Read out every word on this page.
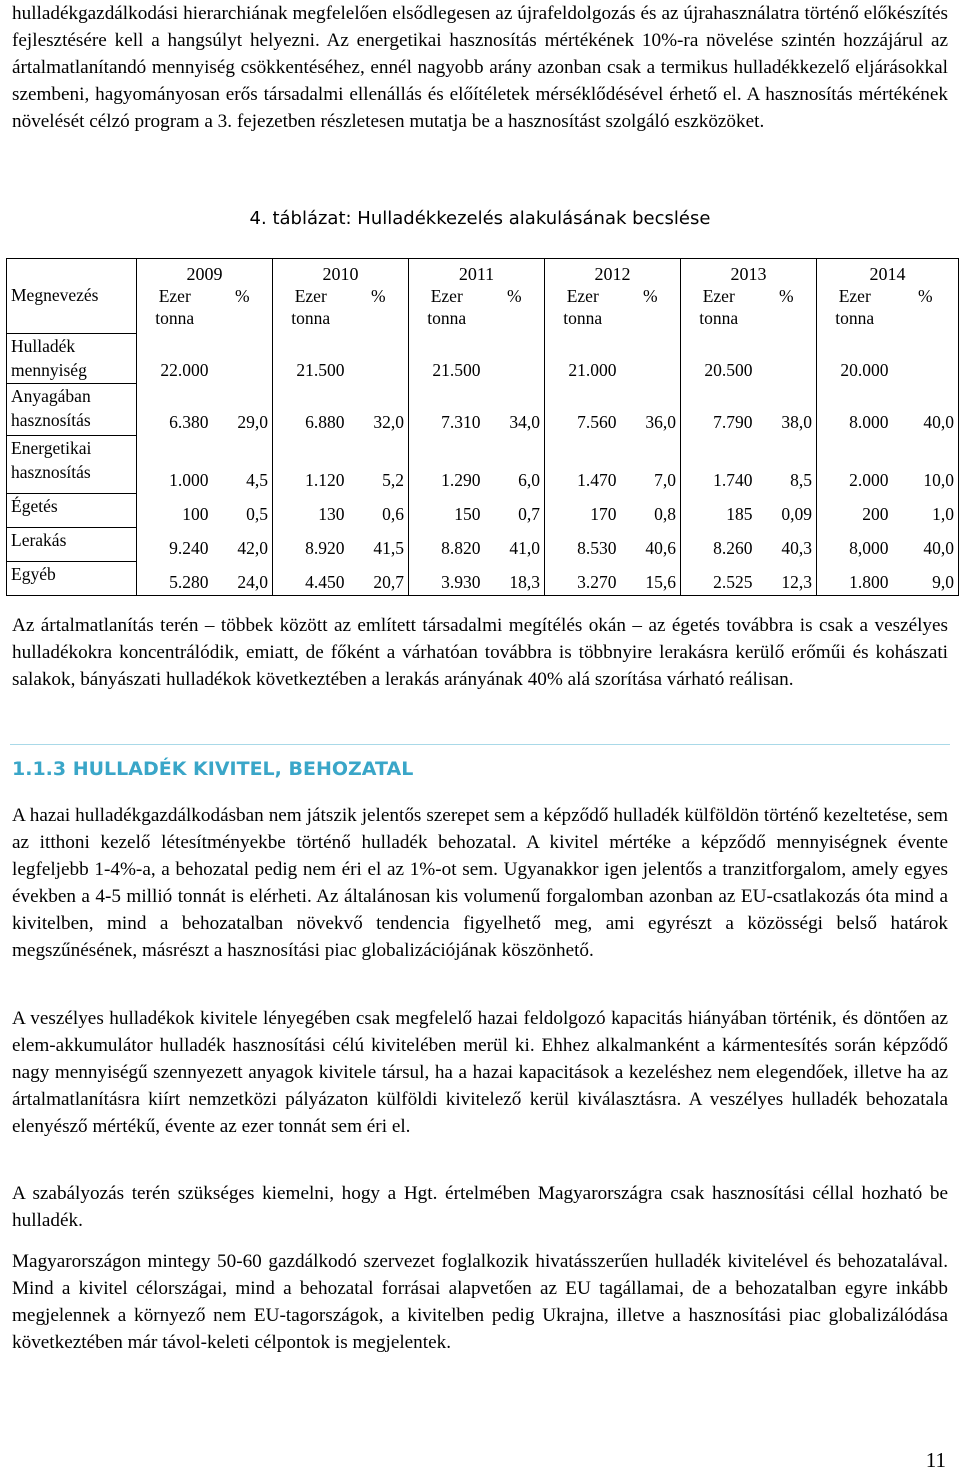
hulladékgazdálkodási hierarchiának megfelelően elsődlegesen az újrafeldolgozás és az újrahasználatra történő előkészítés fejlesztésére kell a hangsúlyt helyezni. Az energetikai hasznosítás mértékének 10%-ra növelése szintén hozzájárul az ártalmatlanítandó mennyiség csökkentéséhez, ennél nagyobb arány azonban csak a termikus hulladékkezelő eljárásokkal szembeni, hagyományosan erős társadalmi ellenállás és előítéletek mérséklődésével érhető el. A hasznosítás mértékének növelését célzó program a 3. fejezetben részletesen mutatja be a hasznosítást szolgáló eszközöket.

4. táblázat: Hulladékkezelés alakulásának becslése
Megnevezés	2009		2010		2011		2012		2013		2014	
	Ezer tonna	%	Ezer tonna	%	Ezer tonna	%	Ezer tonna	%	Ezer tonna	%	Ezer tonna	%
Hulladék mennyiség	22.000		21.500		21.500		21.000		20.500		20.000	
Anyagában hasznosítás	6.380	29,0	6.880	32,0	7.310	34,0	7.560	36,0	7.790	38,0	8.000	40,0
Energetikai hasznosítás	1.000	4,5	1.120	5,2	1.290	6,0	1.470	7,0	1.740	8,5	2.000	10,0
Égetés	100	0,5	130	0,6	150	0,7	170	0,8	185	0,09	200	1,0
Lerakás	9.240	42,0	8.920	41,5	8.820	41,0	8.530	40,6	8.260	40,3	8,000	40,0
Egyéb	5.280	24,0	4.450	20,7	3.930	18,3	3.270	15,6	2.525	12,3	1.800	9,0

Az ártalmatlanítás terén – többek között az említett társadalmi megítélés okán – az égetés továbbra is csak a veszélyes hulladékokra koncentrálódik, emiatt, de főként a várhatóan továbbra is többnyire lerakásra kerülő erőműi és kohászati salakok, bányászati hulladékok következtében a lerakás arányának 40% alá szorítása várható reálisan.

1.1.3 HULLADÉK KIVITEL, BEHOZATAL

A hazai hulladékgazdálkodásban nem játszik jelentős szerepet sem a képződő hulladék külföldön történő kezeltetése, sem az itthoni kezelő létesítményekbe történő hulladék behozatal. A kivitel mértéke a képződő mennyiségnek évente legfeljebb 1-4%-a, a behozatal pedig nem éri el az 1%-ot sem. Ugyanakkor igen jelentős a tranzitforgalom, amely egyes években a 4-5 millió tonnát is elérheti. Az általánosan kis volumenű forgalomban azonban az EU-csatlakozás óta mind a kivitelben, mind a behozatalban növekvő tendencia figyelhető meg, ami egyrészt a közösségi belső határok megszűnésének, másrészt a hasznosítási piac globalizációjának köszönhető.

A veszélyes hulladékok kivitele lényegében csak megfelelő hazai feldolgozó kapacitás hiányában történik, és döntően az elem-akkumulátor hulladék hasznosítási célú kivitelében merül ki. Ehhez alkalmanként a kármentesítés során képződő nagy mennyiségű szennyezett anyagok kivitele társul, ha a hazai kapacitások a kezeléshez nem elegendőek, illetve ha az ártalmatlanításra kiírt nemzetközi pályázaton külföldi kivitelező kerül kiválasztásra. A veszélyes hulladék behozatala elenyésző mértékű, évente az ezer tonnát sem éri el.

A szabályozás terén szükséges kiemelni, hogy a Hgt. értelmében Magyarországra csak hasznosítási céllal hozható be hulladék.

Magyarországon mintegy 50-60 gazdálkodó szervezet foglalkozik hivatásszerűen hulladék kivitelével és behozatalával. Mind a kivitel célországai, mind a behozatal forrásai alapvetően az EU tagállamai, de a behozatalban egyre inkább megjelennek a környező nem EU-tagországok, a kivitelben pedig Ukrajna, illetve a hasznosítási piac globalizálódása következtében már távol-keleti célpontok is megjelentek.

11
